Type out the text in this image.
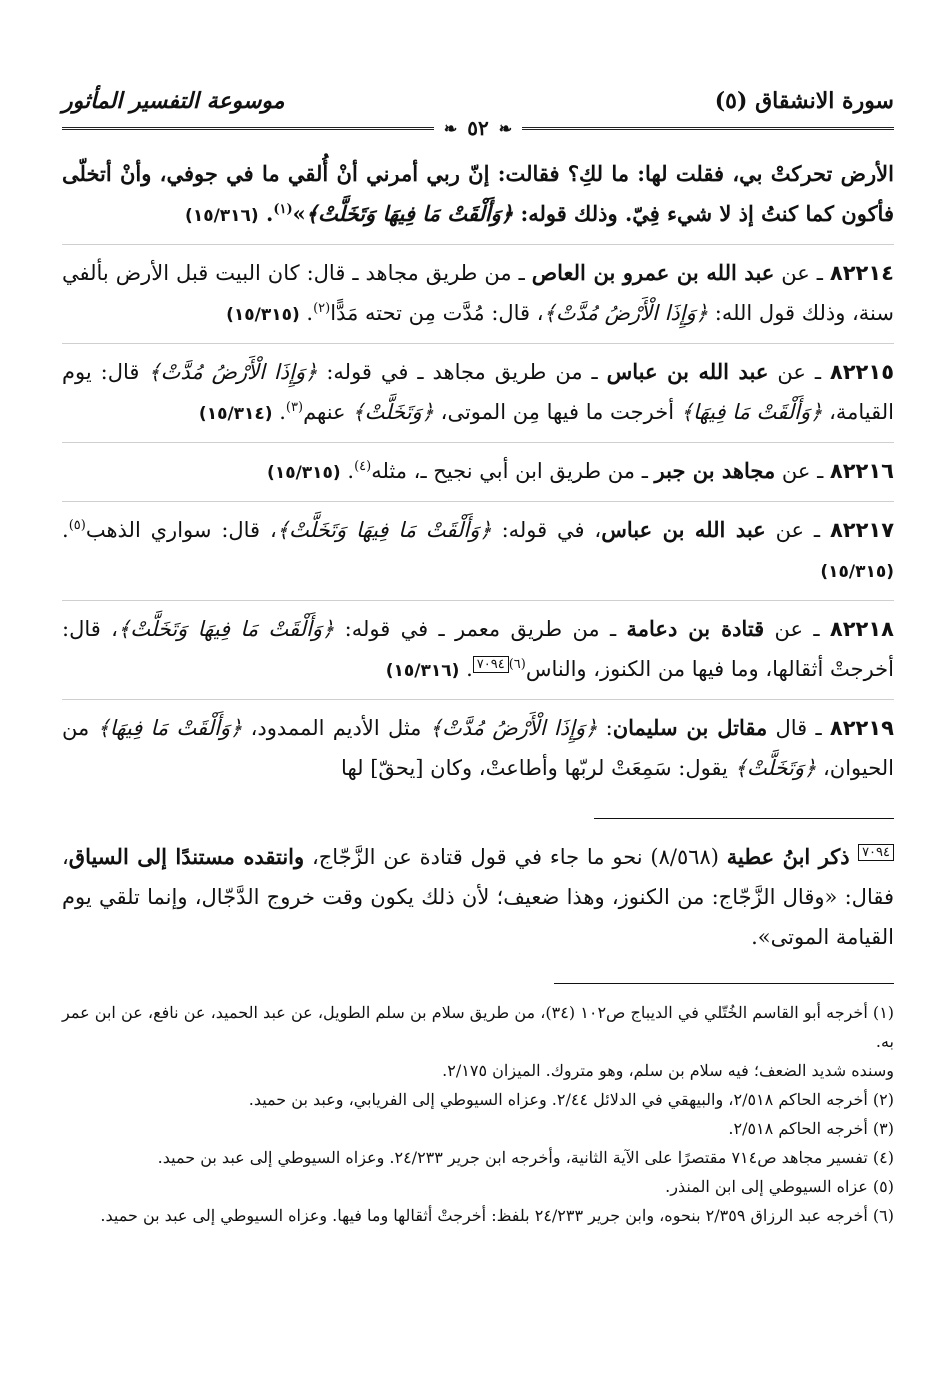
سورة الانشقاق (٥)
موسوعة التفسير المأثور
❧
٥٢
❧
الأرض تحركتْ بي، فقلت لها: ما لكِ؟ فقالت: إنّ ربي أمرني أنْ أُلقي ما في جوفي، وأنْ أتخلّى فأكون كما كنتُ إذ لا شيء فِيّ. وذلك قوله: ﴿وَأَلْقَتْ مَا فِيهَا وَتَخَلَّتْ﴾»$^{(١)}$. (١٥/٣١٦)
٨٢٢١٤ ـ عن عبد الله بن عمرو بن العاص ـ من طريق مجاهد ـ قال: كان البيت قبل الأرض بألفي سنة، وذلك قول الله: ﴿وَإِذَا الْأَرْضُ مُدَّتْ﴾، قال: مُدَّت مِن تحته مَدًّا$^{(٢)}$. (١٥/٣١٥)
٨٢٢١٥ ـ عن عبد الله بن عباس ـ من طريق مجاهد ـ في قوله: ﴿وَإِذَا الْأَرْضُ مُدَّتْ﴾ قال: يوم القيامة، ﴿وَأَلْقَتْ مَا فِيهَا﴾ أخرجت ما فيها مِن الموتى، ﴿وَتَخَلَّتْ﴾ عنهم$^{(٣)}$. (١٥/٣١٤)
٨٢٢١٦ ـ عن مجاهد بن جبر ـ من طريق ابن أبي نجيح ـ، مثله$^{(٤)}$. (١٥/٣١٥)
٨٢٢١٧ ـ عن عبد الله بن عباس، في قوله: ﴿وَأَلْقَتْ مَا فِيهَا وَتَخَلَّتْ﴾، قال: سواري الذهب$^{(٥)}$. (١٥/٣١٥)
٨٢٢١٨ ـ عن قتادة بن دعامة ـ من طريق معمر ـ في قوله: ﴿وَأَلْقَتْ مَا فِيهَا وَتَخَلَّتْ﴾، قال: أخرجتْ أثقالها، وما فيها من الكنوز، والناس$^{(٦)٧٠٩٤}$. (١٥/٣١٦)
٨٢٢١٩ ـ قال مقاتل بن سليمان: ﴿وَإِذَا الْأَرْضُ مُدَّتْ﴾ مثل الأديم الممدود، ﴿وَأَلْقَتْ مَا فِيهَا﴾ من الحيوان، ﴿وَتَخَلَّتْ﴾ يقول: سَمِعَتْ لربّها وأطاعتْ، وكان [يحقّ] لها
$^{٧٠٩٤}$ ذكر ابنُ عطية (٨/٥٦٨) نحو ما جاء في قول قتادة عن الزَّجّاج، وانتقده مستندًا إلى السياق، فقال: «وقال الزَّجّاج: من الكنوز، وهذا ضعيف؛ لأن ذلك يكون وقت خروج الدَّجّال، وإنما تلقي يوم القيامة الموتى».

(١) أخرجه أبو القاسم الخُتّلي في الديباج ص١٠٢ (٣٤)، من طريق سلام بن سلم الطويل، عن عبد الحميد، عن نافع، عن ابن عمر به.

وسنده شديد الضعف؛ فيه سلام بن سلم، وهو متروك. الميزان ٢/١٧٥.

(٢) أخرجه الحاكم ٢/٥١٨، والبيهقي في الدلائل ٢/٤٤. وعزاه السيوطي إلى الفريابي، وعبد بن حميد.

(٣) أخرجه الحاكم ٢/٥١٨.

(٤) تفسير مجاهد ص٧١٤ مقتصرًا على الآية الثانية، وأخرجه ابن جرير ٢٤/٢٣٣. وعزاه السيوطي إلى عبد بن حميد.

(٥) عزاه السيوطي إلى ابن المنذر.

(٦) أخرجه عبد الرزاق ٢/٣٥٩ بنحوه، وابن جرير ٢٤/٢٣٣ بلفظ: أخرجتْ أثقالها وما فيها. وعزاه السيوطي إلى عبد بن حميد.
